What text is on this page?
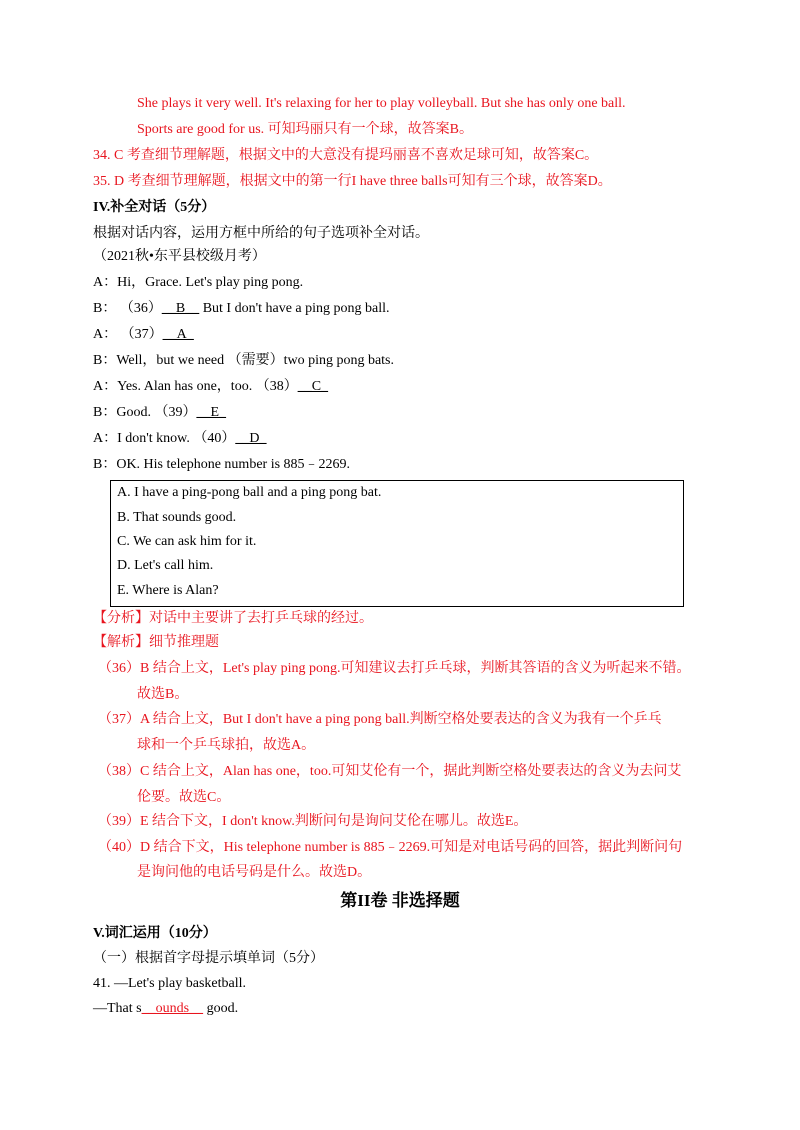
She plays it very well. It's relaxing for her to play volleyball. But she has only one ball.
Sports are good for us. 可知玛丽只有一个球，故答案B。
34. C 考查细节理解题，根据文中的大意没有提玛丽喜不喜欢足球可知，故答案C。
35. D 考查细节理解题，根据文中的第一行I have three balls可知有三个球，故答案D。
IV.补全对话（5分）
根据对话内容，运用方框中所给的句子选项补全对话。
（2021秋•东平县校级月考）
A：Hi，Grace. Let's play ping pong.
B： （36）__B__ But I don't have a ping pong ball.
A： （37）__A_
B：Well，but we need （需要）two ping pong bats.
A：Yes. Alan has one，too. （38）__C_
B：Good. （39）__E_
A：I don't know. （40）__D_
B：OK. His telephone number is 885﹣2269.
A. I have a ping-pong ball and a ping pong bat.
B. That sounds good.
C. We can ask him for it.
D. Let's call him.
E. Where is Alan?
【分析】对话中主要讲了去打乒乓球的经过。
【解析】细节推理题
（36）B 结合上文，Let's play ping pong.可知建议去打乒乓球，判断其答语的含义为听起来不错。
故选B。
（37）A 结合上文，But I don't have a ping pong ball.判断空格处要表达的含义为我有一个乒乓
球和一个乒乓球拍，故选A。
（38）C 结合上文，Alan has one，too.可知艾伦有一个，据此判断空格处要表达的含义为去问艾
伦要。故选C。
（39）E 结合下文，I don't know.判断问句是询问艾伦在哪儿。故选E。
（40）D 结合下文，His telephone number is 885﹣2269.可知是对电话号码的回答，据此判断问句
是询问他的电话号码是什么。故选D。
第II卷 非选择题
V.词汇运用（10分）
（一）根据首字母提示填单词（5分）
41. —Let's play basketball.
—That s__ounds__ good.
